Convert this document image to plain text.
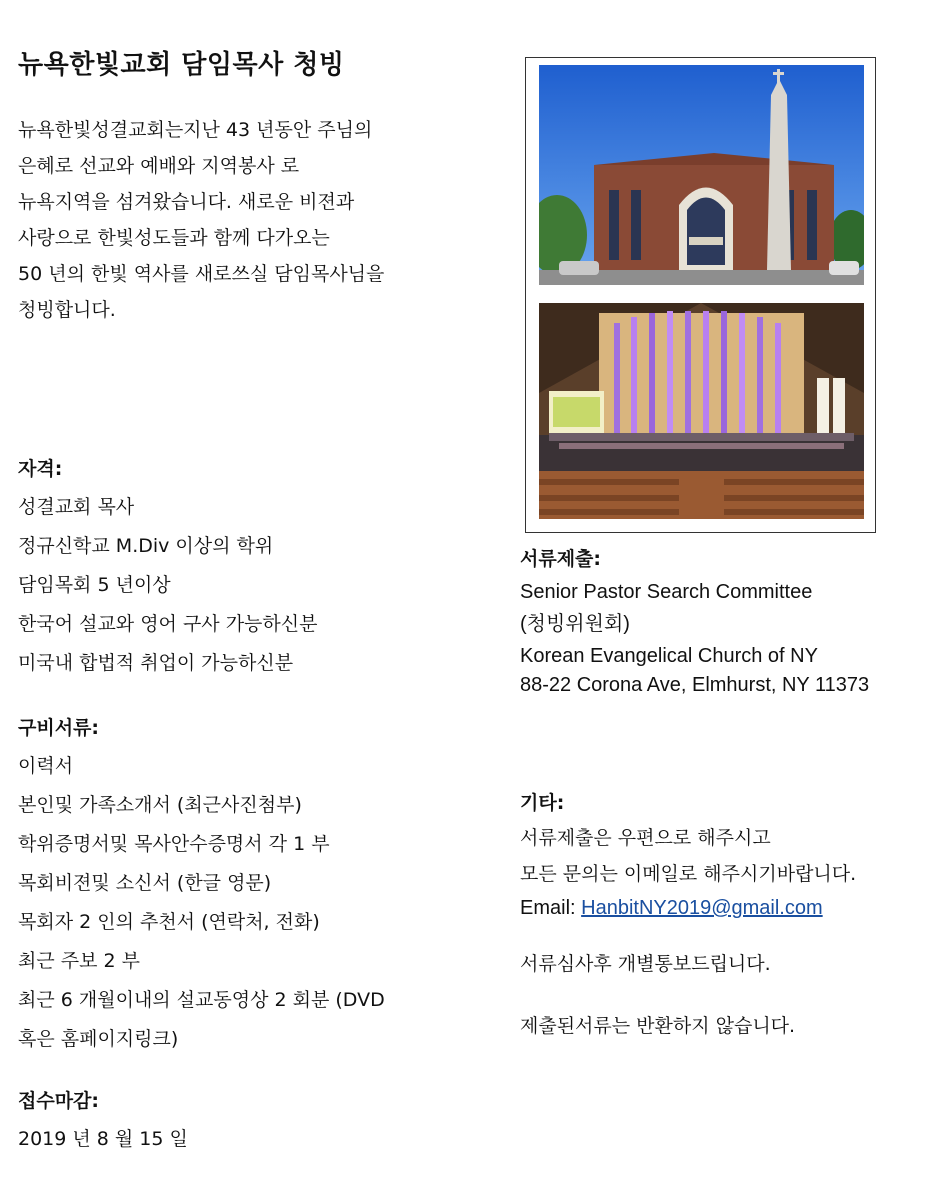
뉴욕한빛교회 담임목사 청빙
뉴욕한빛성결교회는지난 43 년동안 주님의
은혜로 선교와 예배와 지역봉사 로
뉴욕지역을 섬겨왔습니다. 새로운 비젼과
사랑으로 한빛성도들과 함께 다가오는
50 년의 한빛 역사를 새로쓰실 담임목사님을
청빙합니다.
자격:
성결교회 목사
정규신학교 M.Div 이상의 학위
담임목회 5 년이상
한국어 설교와 영어 구사 가능하신분
미국내 합법적 취업이 가능하신분
구비서류:
이력서
본인및 가족소개서 (최근사진첨부)
학위증명서및 목사안수증명서 각 1 부
목회비젼및 소신서 (한글 영문)
목회자 2 인의 추천서 (연락처, 전화)
최근 주보 2 부
최근 6 개월이내의 설교동영상 2 회분 (DVD
혹은 홈페이지링크)
접수마감:
2019 년 8 월 15 일
서류제출:
Senior Pastor Search Committee
(청빙위원회)
Korean Evangelical Church of NY
88-22 Corona Ave, Elmhurst, NY 11373
기타:
서류제출은 우편으로 해주시고
모든 문의는 이메일로 해주시기바랍니다.
Email: HanbitNY2019@gmail.com
서류심사후 개별통보드립니다.
제출된서류는 반환하지 않습니다.
